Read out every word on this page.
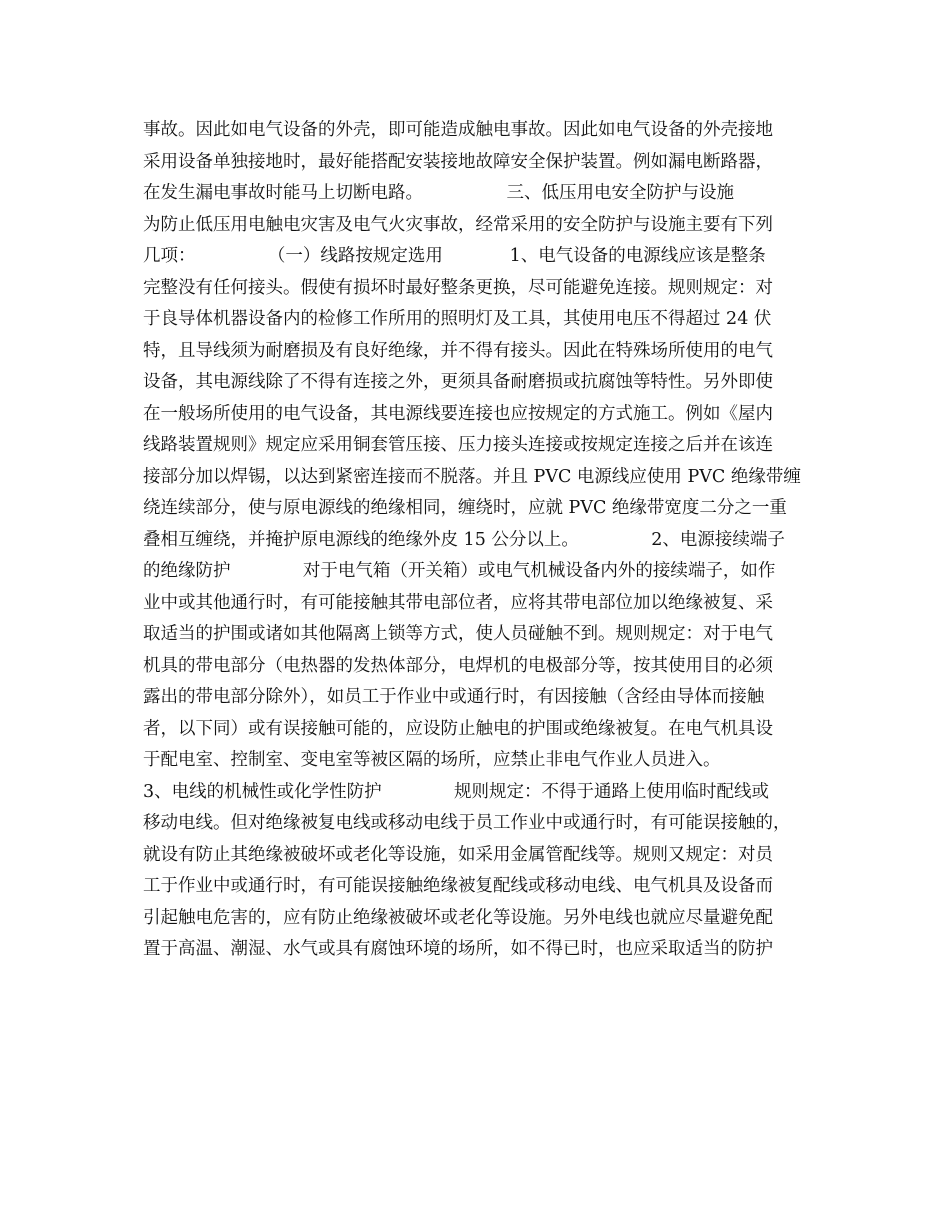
事故。因此如电气设备的外壳，即可能造成触电事故。因此如电气设备的外壳接地
采用设备单独接地时，最好能搭配安装接地故障安全保护装置。例如漏电断路器，
在发生漏电事故时能马上切断电路。               三、低压用电安全防护与设施
为防止低压用电触电灾害及电气火灾事故，经常采用的安全防护与设施主要有下列
几项：             （一）线路按规定选用            1、电气设备的电源线应该是整条
完整没有任何接头。假使有损坏时最好整条更换，尽可能避免连接。规则规定：对
于良导体机器设备内的检修工作所用的照明灯及工具，其使用电压不得超过 24 伏
特，且导线须为耐磨损及有良好绝缘，并不得有接头。因此在特殊场所使用的电气
设备，其电源线除了不得有连接之外，更须具备耐磨损或抗腐蚀等特性。另外即使
在一般场所使用的电气设备，其电源线要连接也应按规定的方式施工。例如《屋内
线路装置规则》规定应采用铜套管压接、压力接头连接或按规定连接之后并在该连
接部分加以焊锡，以达到紧密连接而不脱落。并且 PVC 电源线应使用 PVC 绝缘带缠
绕连续部分，使与原电源线的绝缘相同，缠绕时，应就 PVC 绝缘带宽度二分之一重
叠相互缠绕，并掩护原电源线的绝缘外皮 15 公分以上。             2、电源接续端子
的绝缘防护             对于电气箱（开关箱）或电气机械设备内外的接续端子，如作
业中或其他通行时，有可能接触其带电部位者，应将其带电部位加以绝缘被复、采
取适当的护围或诸如其他隔离上锁等方式，使人员碰触不到。规则规定：对于电气
机具的带电部分（电热器的发热体部分，电焊机的电极部分等，按其使用目的必须
露出的带电部分除外），如员工于作业中或通行时，有因接触（含经由导体而接触
者，以下同）或有误接触可能的，应设防止触电的护围或绝缘被复。在电气机具设
于配电室、控制室、变电室等被区隔的场所，应禁止非电气作业人员进入。
3、电线的机械性或化学性防护             规则规定：不得于通路上使用临时配线或
移动电线。但对绝缘被复电线或移动电线于员工作业中或通行时，有可能误接触的，
就设有防止其绝缘被破坏或老化等设施，如采用金属管配线等。规则又规定：对员
工于作业中或通行时，有可能误接触绝缘被复配线或移动电线、电气机具及设备而
引起触电危害的，应有防止绝缘被破坏或老化等设施。另外电线也就应尽量避免配
置于高温、潮湿、水气或具有腐蚀环境的场所，如不得已时，也应采取适当的防护
